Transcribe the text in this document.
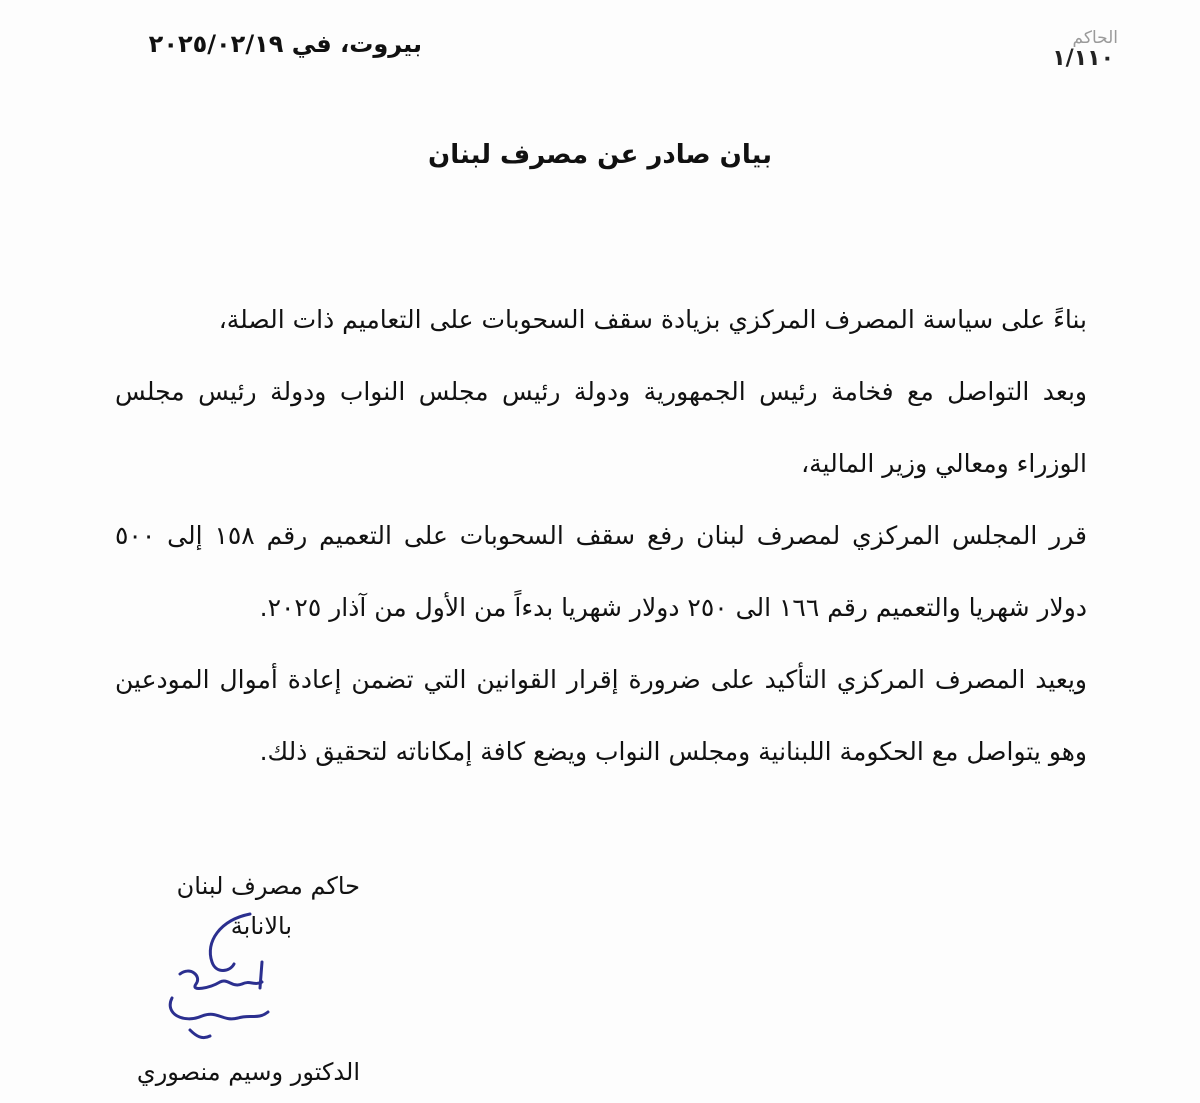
الحاكم
١/١١٠
بيروت، في ٢٠٢٥/٠٢/١٩
بيان صادر عن مصرف لبنان

بناءً على سياسة المصرف المركزي بزيادة سقف السحوبات على التعاميم ذات الصلة،

وبعد التواصل مع فخامة رئيس الجمهورية ودولة رئيس مجلس النواب ودولة رئيس مجلس الوزراء ومعالي وزير المالية،

قرر المجلس المركزي لمصرف لبنان رفع سقف السحوبات على التعميم رقم ١٥٨ إلى ٥٠٠ دولار شهريا والتعميم رقم ١٦٦ الى ٢٥٠ دولار شهريا بدءاً من الأول من آذار ٢٠٢٥.

ويعيد المصرف المركزي التأكيد على ضرورة إقرار القوانين التي تضمن إعادة أموال المودعين وهو يتواصل مع الحكومة اللبنانية ومجلس النواب ويضع كافة إمكاناته لتحقيق ذلك.

حاكم مصرف لبنان
بالانابة
الدكتور وسيم منصوري
